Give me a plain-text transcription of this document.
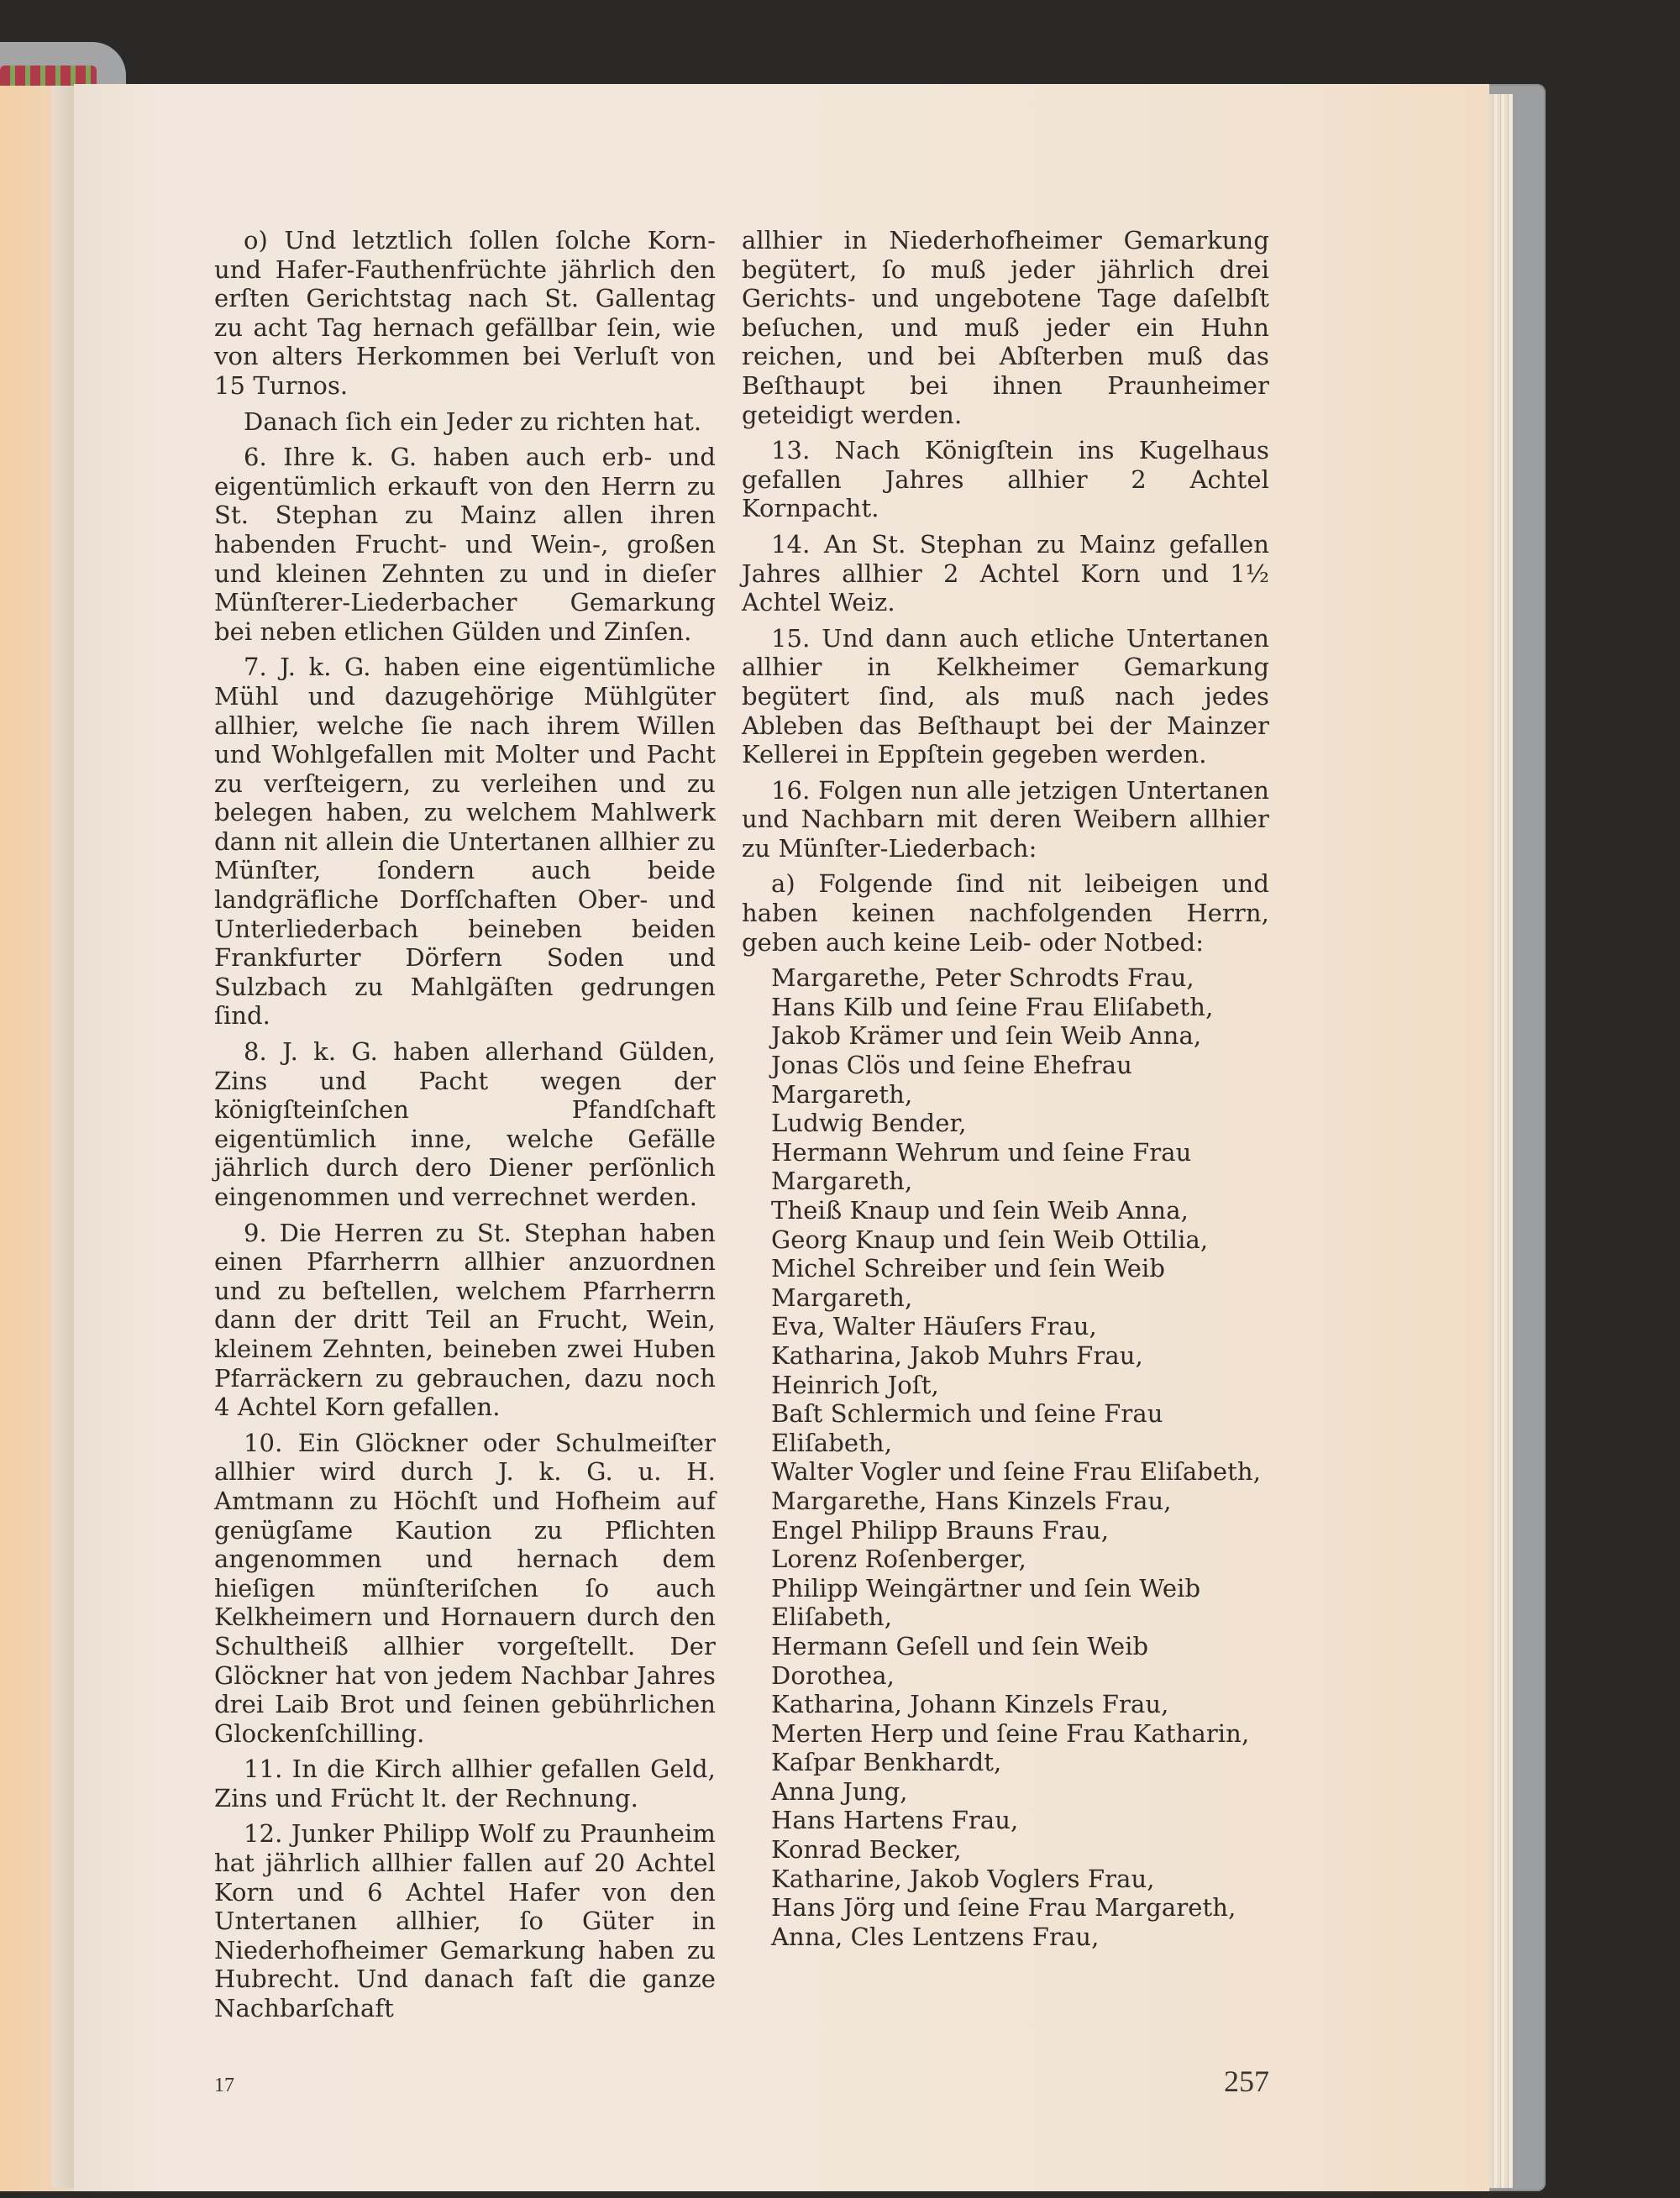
o) Und letztlich ſollen ſolche Korn- und Hafer-Fauthenfrüchte jährlich den erſten Gerichtstag nach St. Gallentag zu acht Tag hernach gefällbar ſein, wie von alters Herkommen bei Verluſt von 15 Turnos.

Danach ſich ein Jeder zu richten hat.

6. Ihre k. G. haben auch erb- und eigentümlich erkauft von den Herrn zu St. Stephan zu Mainz allen ihren habenden Frucht- und Wein-, großen und kleinen Zehnten zu und in dieſer Münſterer-Liederbacher Gemarkung bei neben etlichen Gülden und Zinſen.

7. J. k. G. haben eine eigentümliche Mühl und dazugehörige Mühlgüter allhier, welche ſie nach ihrem Willen und Wohlgefallen mit Molter und Pacht zu verſteigern, zu verleihen und zu belegen haben, zu welchem Mahlwerk dann nit allein die Untertanen allhier zu Münſter, ſondern auch beide landgräfliche Dorfſchaften Ober- und Unterliederbach beineben beiden Frankfurter Dörfern Soden und Sulzbach zu Mahlgäſten gedrungen ſind.

8. J. k. G. haben allerhand Gülden, Zins und Pacht wegen der königſteinſchen Pfandſchaft eigentümlich inne, welche Gefälle jährlich durch dero Diener perſönlich eingenommen und verrechnet werden.

9. Die Herren zu St. Stephan haben einen Pfarrherrn allhier anzuordnen und zu beſtellen, welchem Pfarrherrn dann der dritt Teil an Frucht, Wein, kleinem Zehnten, beineben zwei Huben Pfarräckern zu gebrauchen, dazu noch 4 Achtel Korn gefallen.

10. Ein Glöckner oder Schulmeiſter allhier wird durch J. k. G. u. H. Amtmann zu Höchſt und Hofheim auf genügſame Kaution zu Pflichten angenommen und hernach dem hieſigen münſteriſchen ſo auch Kelkheimern und Hornauern durch den Schultheiß allhier vorgeſtellt. Der Glöckner hat von jedem Nachbar Jahres drei Laib Brot und ſeinen gebührlichen Glockenſchilling.

11. In die Kirch allhier gefallen Geld, Zins und Frücht lt. der Rechnung.

12. Junker Philipp Wolf zu Praunheim hat jährlich allhier fallen auf 20 Achtel Korn und 6 Achtel Hafer von den Untertanen allhier, ſo Güter in Niederhofheimer Gemarkung haben zu Hubrecht. Und danach faſt die ganze Nachbarſchaft

allhier in Niederhofheimer Gemarkung begütert, ſo muß jeder jährlich drei Gerichts- und ungebotene Tage daſelbſt beſuchen, und muß jeder ein Huhn reichen, und bei Abſterben muß das Beſthaupt bei ihnen Praunheimer geteidigt werden.

13. Nach Königſtein ins Kugelhaus gefallen Jahres allhier 2 Achtel Kornpacht.

14. An St. Stephan zu Mainz gefallen Jahres allhier 2 Achtel Korn und 1½ Achtel Weiz.

15. Und dann auch etliche Untertanen allhier in Kelkheimer Gemarkung begütert ſind, als muß nach jedes Ableben das Beſthaupt bei der Mainzer Kellerei in Eppſtein gegeben werden.

16. Folgen nun alle jetzigen Untertanen und Nachbarn mit deren Weibern allhier zu Münſter-Liederbach:

a) Folgende ſind nit leibeigen und haben keinen nachfolgenden Herrn, geben auch keine Leib- oder Notbed:

Margarethe, Peter Schrodts Frau,
Hans Kilb und ſeine Frau Eliſabeth,
Jakob Krämer und ſein Weib Anna,
Jonas Clös und ſeine Ehefrau Margareth,
Ludwig Bender,
Hermann Wehrum und ſeine Frau Margareth,
Theiß Knaup und ſein Weib Anna,
Georg Knaup und ſein Weib Ottilia,
Michel Schreiber und ſein Weib Margareth,
Eva, Walter Häuſers Frau,
Katharina, Jakob Muhrs Frau,
Heinrich Joſt,
Baſt Schlermich und ſeine Frau Eliſabeth,
Walter Vogler und ſeine Frau Eliſabeth,
Margarethe, Hans Kinzels Frau,
Engel Philipp Brauns Frau,
Lorenz Roſenberger,
Philipp Weingärtner und ſein Weib Eliſabeth,
Hermann Geſell und ſein Weib Dorothea,
Katharina, Johann Kinzels Frau,
Merten Herp und ſeine Frau Katharin,
Kaſpar Benkhardt,
Anna Jung,
Hans Hartens Frau,
Konrad Becker,
Katharine, Jakob Voglers Frau,
Hans Jörg und ſeine Frau Margareth,
Anna, Cles Lentzens Frau,
17	257
